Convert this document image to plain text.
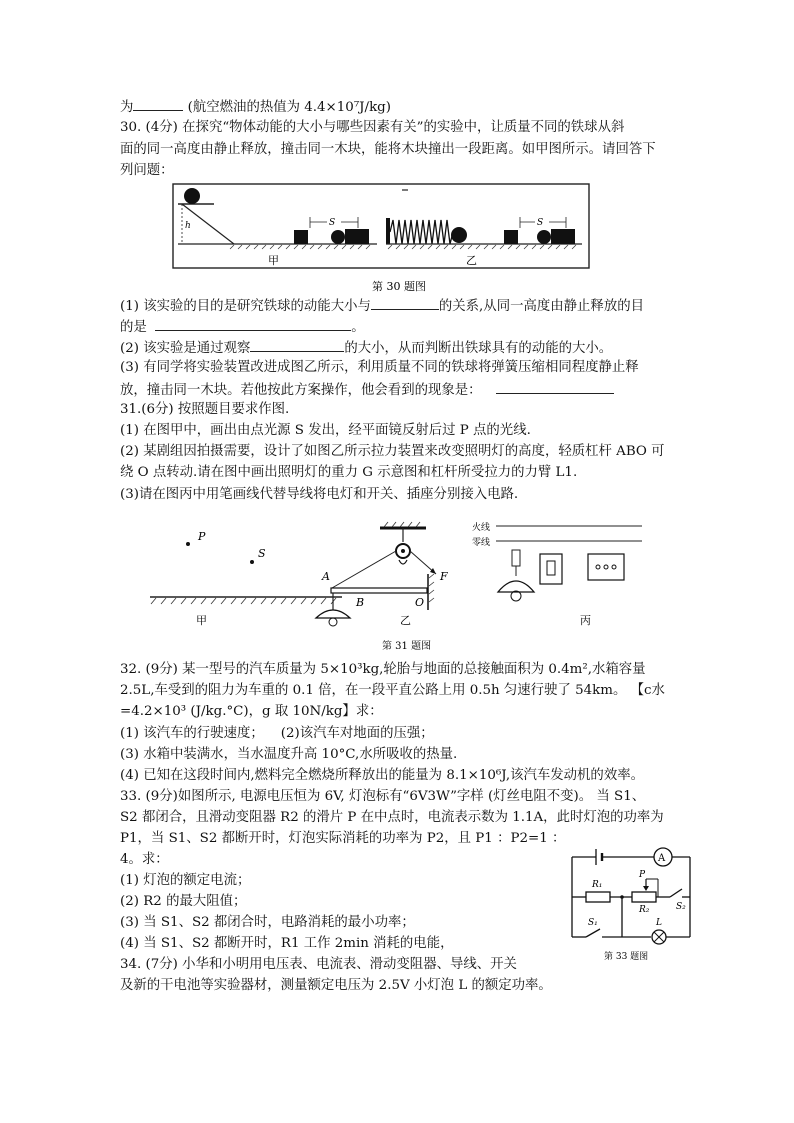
为	(航空燃油的热值为 4.4×10⁷J/kg)
30. (4分) 在探究“物体动能的大小与哪些因素有关”的实验中，让质量不同的铁球从斜
面的同一高度由静止释放，撞击同一木块，能将木块撞出一段距离。如甲图所示。请回答下
列问题：
h	S	S
甲	乙
第 30 题图
(1) 该实验的目的是研究铁球的动能大小与	的关系,从同一高度由静止释放的目
的是	。
(2) 该实验是通过观察	的大小，从而判断出铁球具有的动能的大小。
(3) 有同学将实验装置改进成图乙所示，利用质量不同的铁球将弹簧压缩相同程度静止释
放，撞击同一木块。若他按此方案操作，他会看到的现象是：
31.(6分) 按照题目要求作图.
(1) 在图甲中，画出由点光源 S 发出，经平面镜反射后过 P 点的光线.
(2) 某剧组因拍摄需要，设计了如图乙所示拉力装置来改变照明灯的高度，轻质杠杆 ABO 可
绕 O 点转动.请在图中画出照明灯的重力 G 示意图和杠杆所受拉力的力臂 L1.
(3)请在图丙中用笔画线代替导线将电灯和开关、插座分别接入电路.
P
S
甲
F
A
B	O
乙
火线
零线
丙
第 31 题图
32. (9分) 某一型号的汽车质量为 5×10³kg,轮胎与地面的总接触面积为 0.4m²,水箱容量
2.5L,车受到的阻力为车重的 0.1 倍，在一段平直公路上用 0.5h 匀速行驶了 54km。 【c水
=4.2×10³ (J/kg.°C)，g 取 10N/kg】求：
(1) 该汽车的行驶速度； (2)该汽车对地面的压强；
(3) 水箱中装满水，当水温度升高 10°C,水所吸收的热量.
(4) 已知在这段时间内,燃料完全燃烧所释放出的能量为 8.1×10⁶J,该汽车发动机的效率。
33. (9分)如图所示, 电源电压恒为 6V, 灯泡标有“6V3W”字样 (灯丝电阻不变)。 当 S1、
S2 都闭合，且滑动变阻器 R2 的滑片 P 在中点时，电流表示数为 1.1A，此时灯泡的功率为
P1，当 S1、S2 都断开时，灯泡实际消耗的功率为 P2，且 P1 ：P2=1 ：
4。求：
(1) 灯泡的额定电流；
(2) R2 的最大阻值；
(3) 当 S1、S2 都闭合时，电路消耗的最小功率；
(4) 当 S1、S2 都断开时，R1 工作 2min 消耗的电能，
34. (7分) 小华和小明用电压表、电流表、滑动变阻器、导线、开关
及新的干电池等实验器材，测量额定电压为 2.5V 小灯泡 L 的额定功率。
A
R₁
R₂
P
S₂
S₁	L
第 33 题图
